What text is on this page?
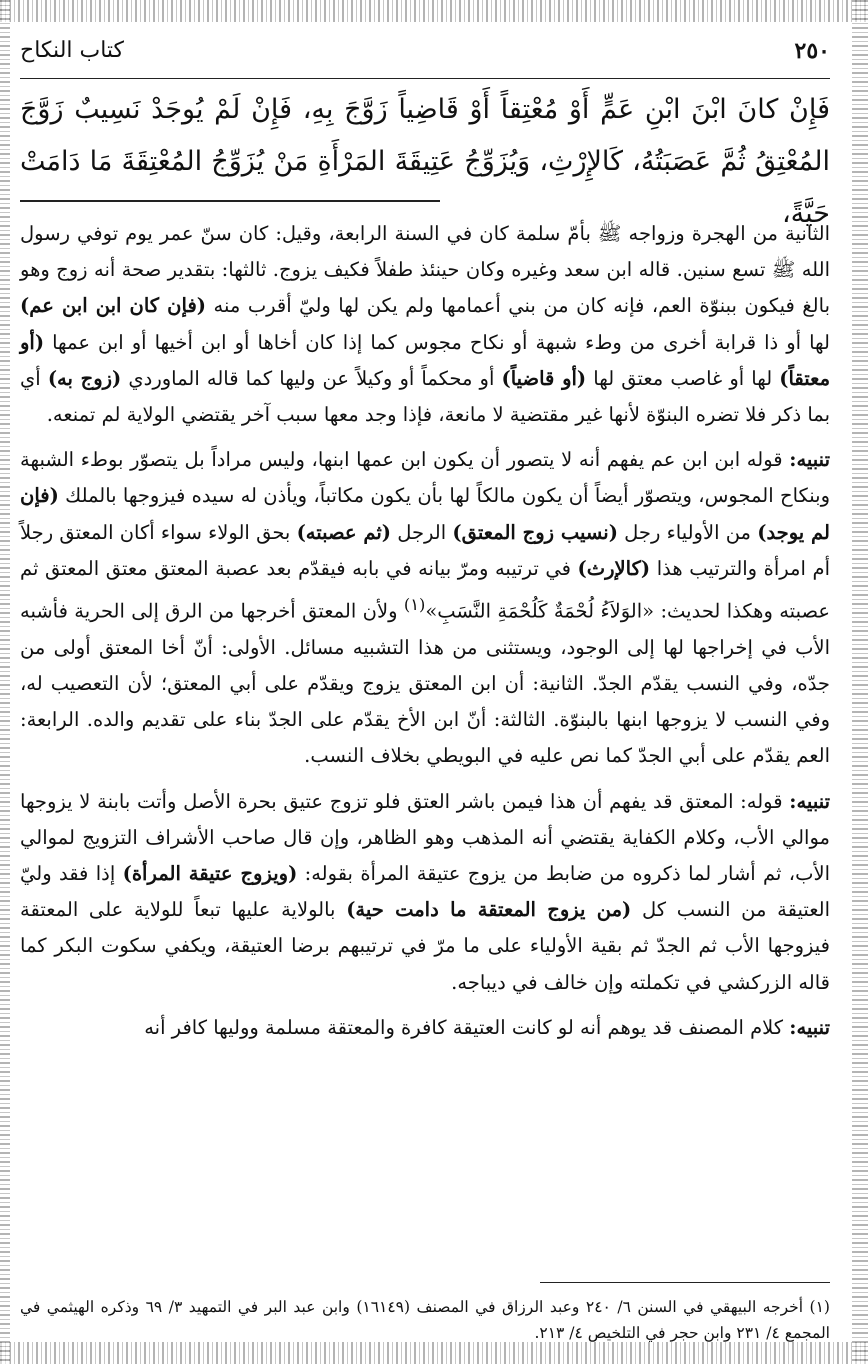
٢٥٠
كتاب النكاح
فَإِنْ كانَ ابْنَ ابْنِ عَمٍّ أَوْ مُعْتِقاً أَوْ قَاضِياً زَوَّجَ بِهِ، فَإِنْ لَمْ يُوجَدْ نَسِيبٌ زَوَّجَ المُعْتِقُ ثُمَّ عَصَبَتُهُ، كَالإِرْثِ، وَيُزَوِّجُ عَتِيقَةَ المَرْأَةِ مَنْ يُزَوِّجُ المُعْتِقَةَ مَا دَامَتْ حَيَّةً،

الثانية من الهجرة وزواجه ﷺ بأمّ سلمة كان في السنة الرابعة، وقيل: كان سنّ عمر يوم توفي رسول الله ﷺ تسع سنين. قاله ابن سعد وغيره وكان حينئذ طفلاً فكيف يزوج. ثالثها: بتقدير صحة أنه زوج وهو بالغ فيكون ببنوّة العم، فإنه كان من بني أعمامها ولم يكن لها وليّ أقرب منه (فإن كان ابن ابن عم) لها أو ذا قرابة أخرى من وطء شبهة أو نكاح مجوس كما إذا كان أخاها أو ابن أخيها أو ابن عمها (أو معتقاً) لها أو غاصب معتق لها (أو قاضياً) أو محكماً أو وكيلاً عن وليها كما قاله الماوردي (زوج به) أي بما ذكر فلا تضره البنوّة لأنها غير مقتضية لا مانعة، فإذا وجد معها سبب آخر يقتضي الولاية لم تمنعه.

تنبيه: قوله ابن ابن عم يفهم أنه لا يتصور أن يكون ابن عمها ابنها، وليس مراداً بل يتصوّر بوطء الشبهة وبنكاح المجوس، ويتصوّر أيضاً أن يكون مالكاً لها بأن يكون مكاتباً، ويأذن له سيده فيزوجها بالملك (فإن لم يوجد) من الأولياء رجل (نسيب زوج المعتق) الرجل (ثم عصبته) بحق الولاء سواء أكان المعتق رجلاً أم امرأة والترتيب هذا (كالإرث) في ترتيبه ومرّ بيانه في بابه فيقدّم بعد عصبة المعتق معتق المعتق ثم عصبته وهكذا لحديث: «الوَلاَءُ لُحْمَةٌ كَلُحْمَةِ النَّسَبِ»$^{(١)}$ ولأن المعتق أخرجها من الرق إلى الحرية فأشبه الأب في إخراجها لها إلى الوجود، ويستثنى من هذا التشبيه مسائل. الأولى: أنّ أخا المعتق أولى من جدّه، وفي النسب يقدّم الجدّ. الثانية: أن ابن المعتق يزوج ويقدّم على أبي المعتق؛ لأن التعصيب له، وفي النسب لا يزوجها ابنها بالبنوّة. الثالثة: أنّ ابن الأخ يقدّم على الجدّ بناء على تقديم والده. الرابعة: العم يقدّم على أبي الجدّ كما نص عليه في البويطي بخلاف النسب.

تنبيه: قوله: المعتق قد يفهم أن هذا فيمن باشر العتق فلو تزوج عتيق بحرة الأصل وأتت بابنة لا يزوجها موالي الأب، وكلام الكفاية يقتضي أنه المذهب وهو الظاهر، وإن قال صاحب الأشراف التزويج لموالي الأب، ثم أشار لما ذكروه من ضابط من يزوج عتيقة المرأة بقوله: (ويزوج عتيقة المرأة) إذا فقد وليّ العتيقة من النسب كل (من يزوج المعتقة ما دامت حية) بالولاية عليها تبعاً للولاية على المعتقة فيزوجها الأب ثم الجدّ ثم بقية الأولياء على ما مرّ في ترتيبهم برضا العتيقة، ويكفي سكوت البكر كما قاله الزركشي في تكملته وإن خالف في ديباجه.

تنبيه: كلام المصنف قد يوهم أنه لو كانت العتيقة كافرة والمعتقة مسلمة ووليها كافر أنه

(١) أخرجه البيهقي في السنن ٦/ ٢٤٠ وعبد الرزاق في المصنف (١٦١٤٩) وابن عبد البر في التمهيد ٣/ ٦٩ وذكره الهيثمي في المجمع ٤/ ٢٣١ وابن حجر في التلخيص ٤/ ٢١٣.
